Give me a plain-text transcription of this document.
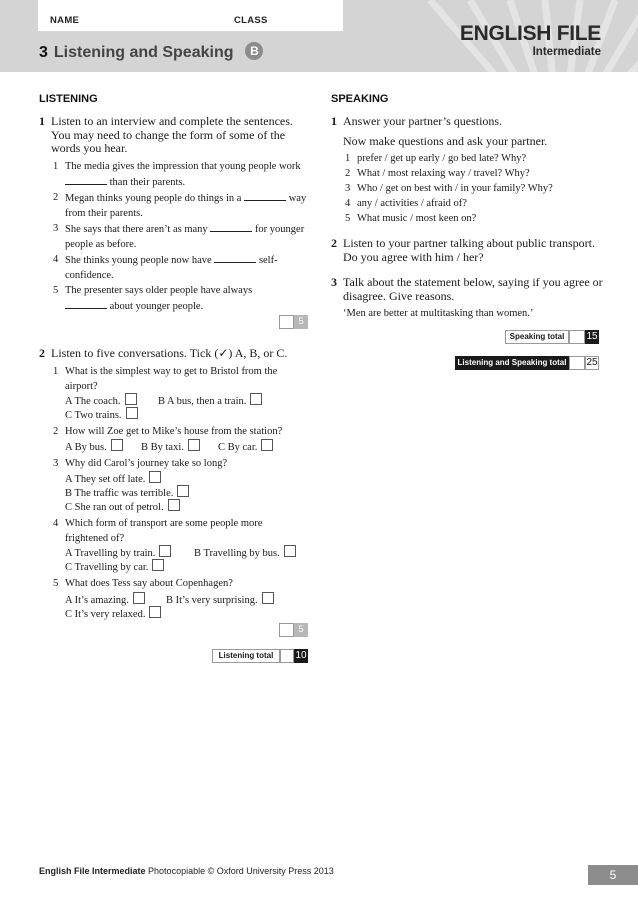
NAME	CLASS
3 Listening and Speaking B
ENGLISH FILE
Intermediate
LISTENING
1 Listen to an interview and complete the sentences. You may need to change the form of some of the words you hear.
1 The media gives the impression that young people work  than their parents.
2 Megan thinks young people do things in a	way from their parents.
3 She says that there aren’t as many	for younger people as before.
4 She thinks young people now have	self-confidence.
5 The presenter says older people have always
about younger people.
5
2 Listen to five conversations. Tick (✓) A, B, or C.
1 What is the simplest way to get to Bristol from the airport?
A The coach.	B A bus, then a train.
C Two trains.
2 How will Zoe get to Mike’s house from the station?
A By bus.	B By taxi.	C By car.
3 Why did Carol’s journey take so long?
A They set off late.
B The traffic was terrible.
C She ran out of petrol.
4 Which form of transport are some people more frightened of?
A Travelling by train.	B Travelling by bus.
C Travelling by car.
5 What does Tess say about Copenhagen?
A It’s amazing.	B It’s very surprising.
C It’s very relaxed.
5
Listening total	10
SPEAKING
1 Answer your partner’s questions.
Now make questions and ask your partner.
1 prefer / get up early / go bed late? Why?
2 What / most relaxing way / travel? Why?
3 Who / get on best with / in your family? Why?
4 any / activities / afraid of?
5 What music / most keen on?
2 Listen to your partner talking about public transport. Do you agree with him / her?
3 Talk about the statement below, saying if you agree or disagree. Give reasons.
‘Men are better at multitasking than women.’
Speaking total	15
Listening and Speaking total 25
English File Intermediate Photocopiable © Oxford University Press 2013	5
